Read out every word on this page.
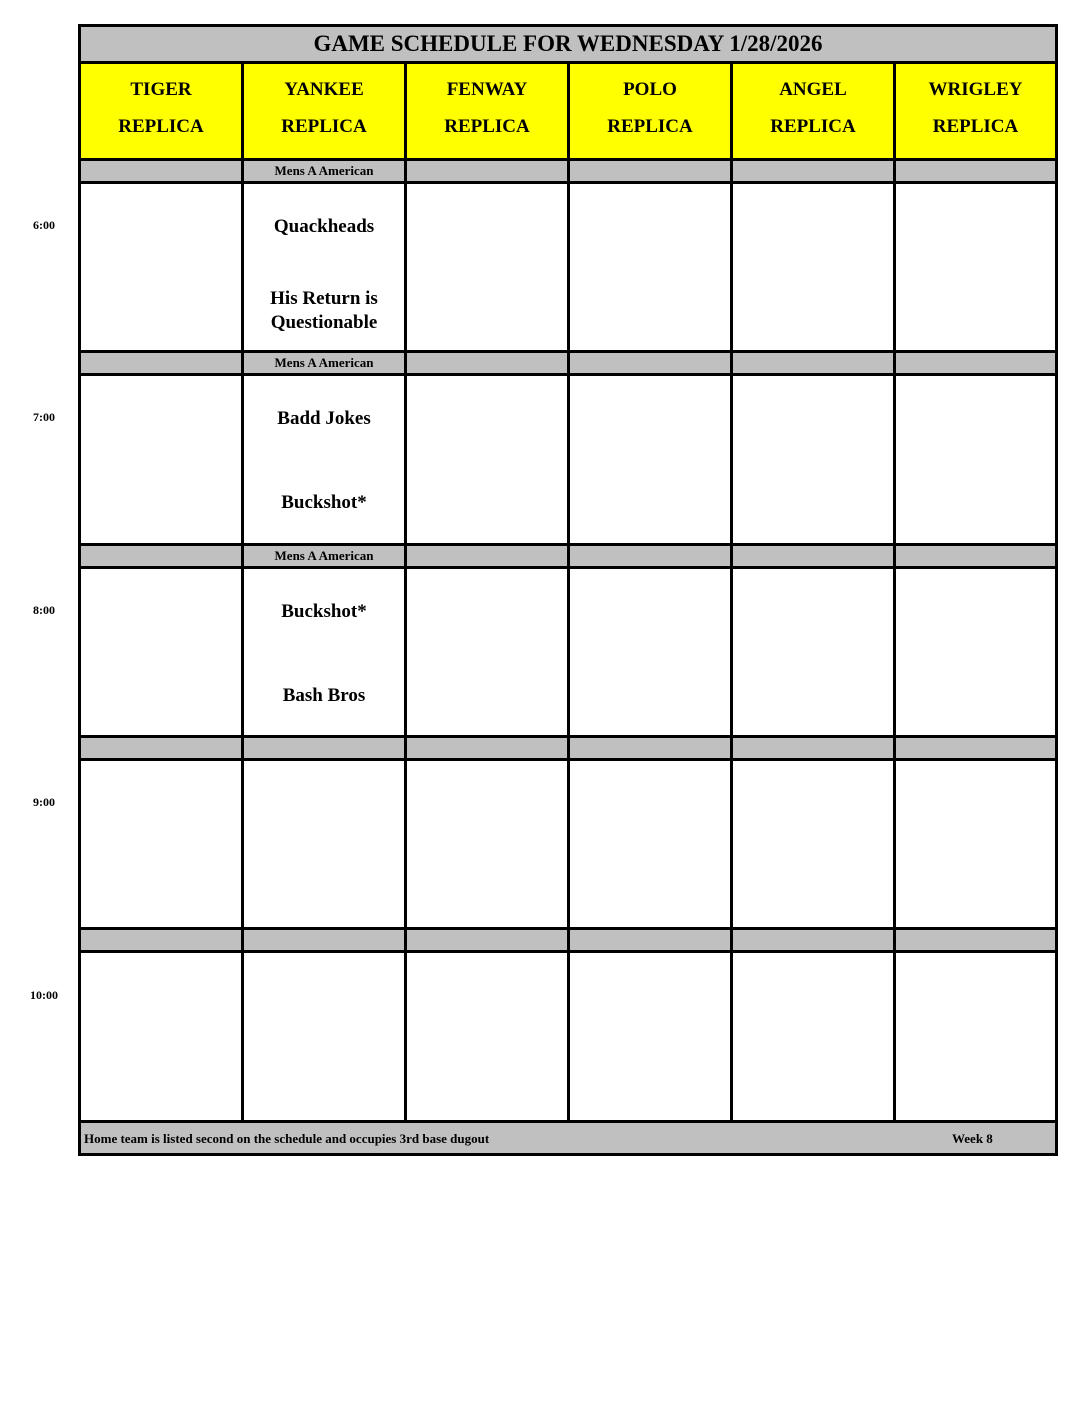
GAME SCHEDULE FOR WEDNESDAY 1/28/2026
TIGER
REPLICA
YANKEE
REPLICA
FENWAY
REPLICA
POLO
REPLICA
ANGEL
REPLICA
WRIGLEY
REPLICA
Mens A American
Mens A American
Mens A American
Quackheads
His Return is Questionable
Badd Jokes
Buckshot*
Buckshot*
Bash Bros
Home team is listed second on the schedule and occupies 3rd base dugout	Week 8
6:00
7:00
8:00
9:00
10:00
